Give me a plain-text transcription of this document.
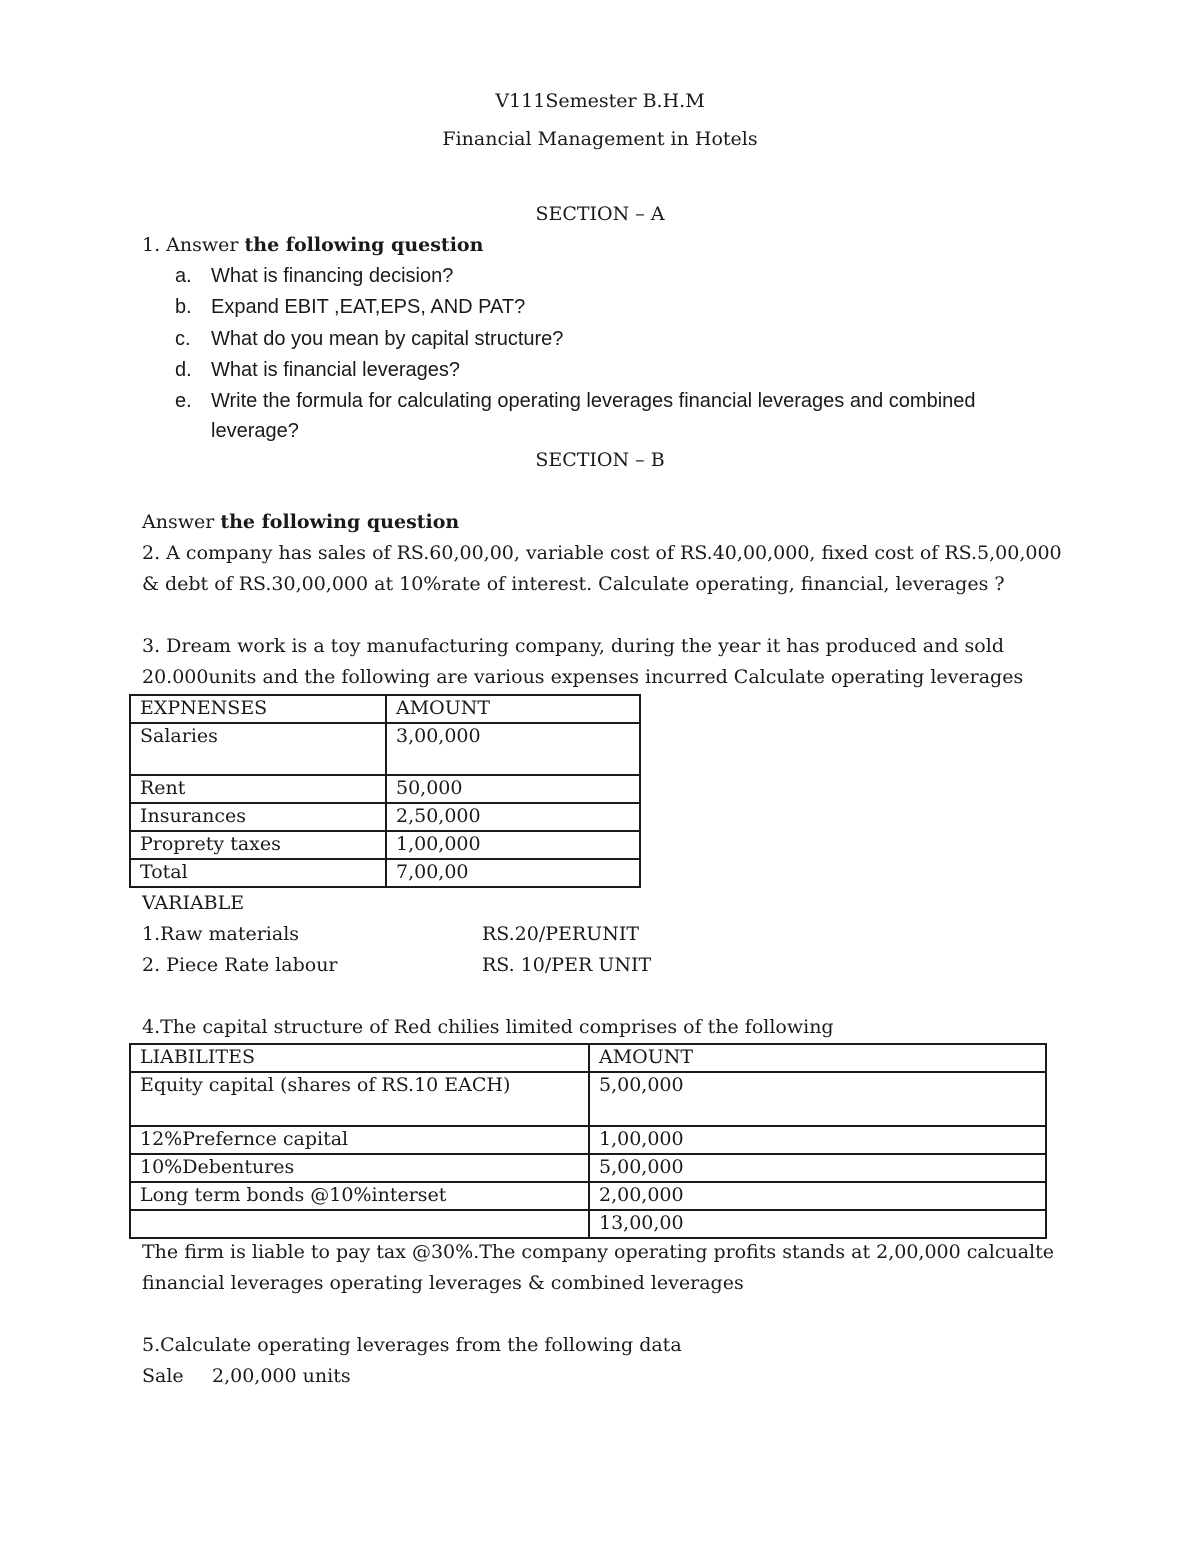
V111Semester B.H.M
Financial Management in Hotels
SECTION – A
1. Answer the following question
a. What is financing decision?
b. Expand EBIT ,EAT,EPS, AND PAT?
c. What do you mean by capital structure?
d. What is financial leverages?
e. Write the formula for calculating operating leverages financial leverages and combined
leverage?
SECTION – B
Answer the following question
2. A company has sales of RS.60,00,00, variable cost of RS.40,00,000, fixed cost of RS.5,00,000
& debt of RS.30,00,000 at 10%rate of interest. Calculate operating, financial, leverages ?
3. Dream work is a toy manufacturing company, during the year it has produced and sold
20.000units and the following are various expenses incurred Calculate operating leverages
EXPNENSES	AMOUNT
Salaries	3,00,000
Rent	50,000
Insurances	2,50,000
Proprety taxes	1,00,000
Total	7,00,00
VARIABLE
1.Raw materials	RS.20/PERUNIT
2. Piece Rate labour	RS. 10/PER UNIT
4.The capital structure of Red chilies limited comprises of the following
LIABILITES	AMOUNT
Equity capital (shares of RS.10 EACH)	5,00,000
12%Prefernce capital	1,00,000
10%Debentures	5,00,000
Long term bonds @10%interset	2,00,000
	13,00,00
The firm is liable to pay tax @30%.The company operating profits stands at 2,00,000 calcualte
financial leverages operating leverages & combined leverages
5.Calculate operating leverages from the following data
Sale 2,00,000 units
